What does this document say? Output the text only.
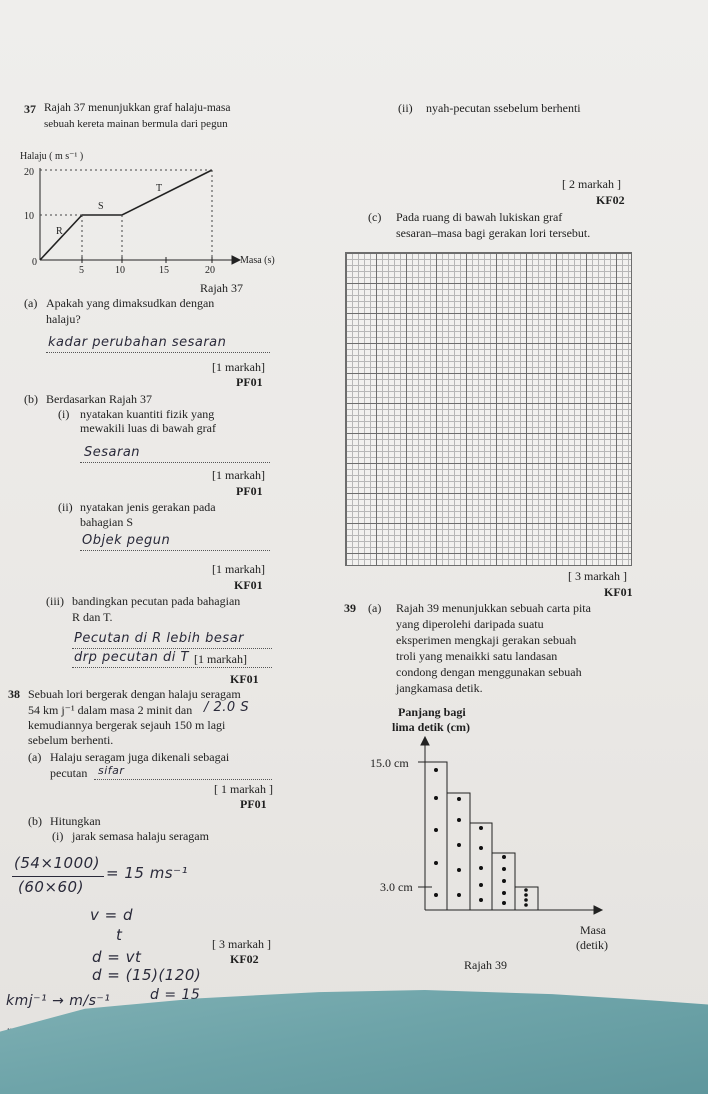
37 Rajah 37 menunjukkan graf halaju-masa
sebuah kereta mainan bermula dari pegun
Halaju ( m s⁻¹ )
20
10
0
5	10	15	20
Masa (s)
R
S
T
Rajah 37
(a) Apakah yang dimaksudkan dengan
halaju?
kadar perubahan sesaran
[1 markah]
PF01
(b) Berdasarkan Rajah 37
(i) nyatakan kuantiti fizik yang
mewakili luas di bawah graf
Sesaran
[1 markah]
PF01
(ii) nyatakan jenis gerakan pada
bahagian S
Objek pegun
[1 markah]
KF01
(iii) bandingkan pecutan pada bahagian
R dan T.
Pecutan di R lebih besar
drp pecutan di T [1 markah]
KF01
38 Sebuah lori bergerak dengan halaju seragam
54 km j⁻¹ dalam masa 2 minit dan / 2.0 S
kemudiannya bergerak sejauh 150 m lagi
sebelum berhenti.
(a) Halaju seragam juga dikenali sebagai
pecutan sifar
[ 1 markah ]
PF01
(b) Hitungkan
(i) jarak semasa halaju seragam
(54×1000)
(60×60)
= 15 ms⁻¹
v = d
t	[ 3 markah ]
d = vt	KF02
d = (15)(120)
kmj⁻¹ → m/s⁻¹	d = 15
(ii) nyah-pecutan ssebelum berhenti
[ 2 markah ]
KF02
(c) Pada ruang di bawah lukiskan graf
sesaran–masa bagi gerakan lori tersebut.
[ 3 markah ]
KF01
39 (a) Rajah 39 menunjukkan sebuah carta pita
yang diperolehi daripada suatu
eksperimen mengkaji gerakan sebuah
troli yang menaikki satu landasan
condong dengan menggunakan sebuah
jangkamasa detik.
Panjang bagi
lima detik (cm)
15.0 cm
3.0 cm
Masa
(detik)
Rajah 39
